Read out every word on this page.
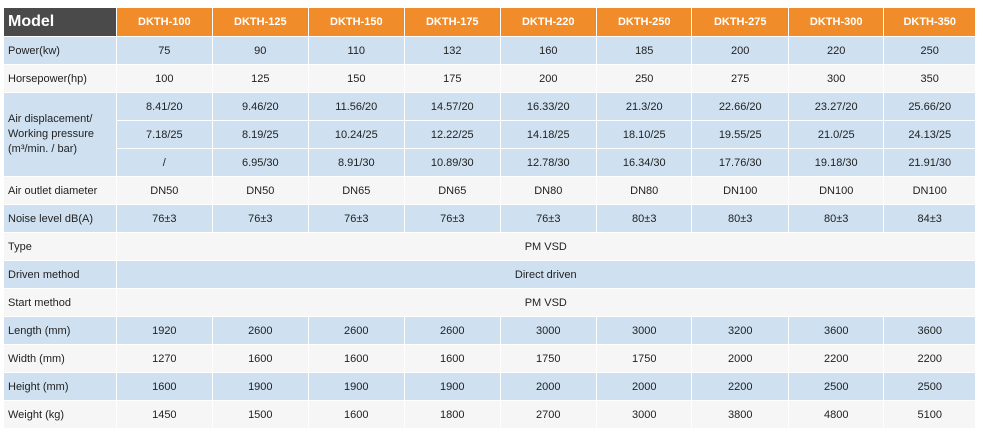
Model	DKTH-100	DKTH-125	DKTH-150	DKTH-175	DKTH-220	DKTH-250	DKTH-275	DKTH-300	DKTH-350
Power(kw)	75	90	110	132	160	185	200	220	250
Horsepower(hp)	100	125	150	175	200	250	275	300	350

Air displacement/
Working pressure
(m³/min. / bar)	8.41/20	9.46/20	11.56/20	14.57/20	16.33/20	21.3/20	22.66/20	23.27/20	25.66/20
	7.18/25	8.19/25	10.24/25	12.22/25	14.18/25	18.10/25	19.55/25	21.0/25	24.13/25
	/	6.95/30	8.91/30	10.89/30	12.78/30	16.34/30	17.76/30	19.18/30	21.91/30
Air outlet diameter	DN50	DN50	DN65	DN65	DN80	DN80	DN100	DN100	DN100
Noise level dB(A)	76±3	76±3	76±3	76±3	76±3	80±3	80±3	80±3	84±3
Type	PM VSD								
Driven method	Direct driven								
Start method	PM VSD								
Length (mm)	1920	2600	2600	2600	3000	3000	3200	3600	3600
Width (mm)	1270	1600	1600	1600	1750	1750	2000	2200	2200
Height (mm)	1600	1900	1900	1900	2000	2000	2200	2500	2500
Weight (kg)	1450	1500	1600	1800	2700	3000	3800	4800	5100
